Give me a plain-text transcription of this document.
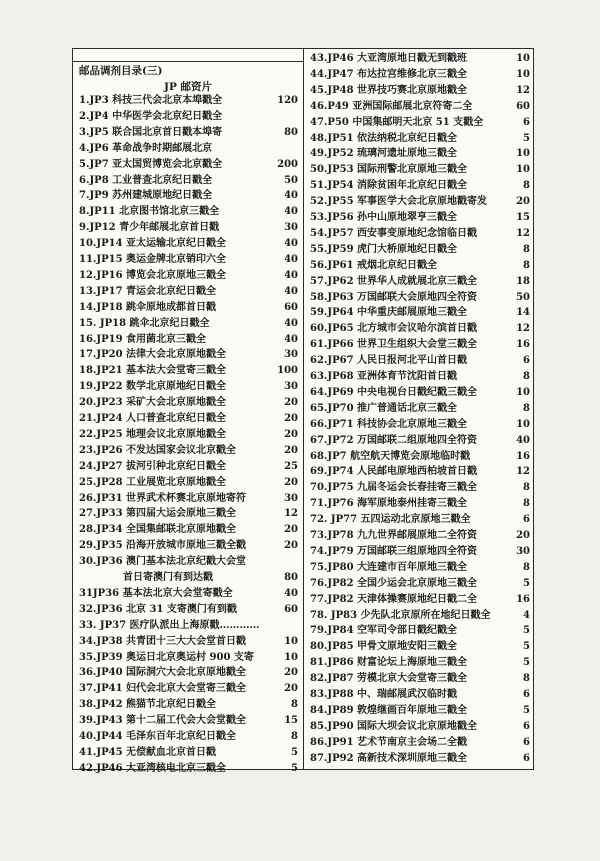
邮品调剂目录(三)
JP 邮资片
1.JP3 科技三代会北京本埠戳全	120
2.JP4 中华医学会北京纪日戳全
3.JP5 联合国北京首日戳本埠寄	80
4.JP6 革命战争时期邮展北京
5.JP7 亚太国贸博览会北京戳全	200
6.JP8 工业普查北京纪日戳全	50
7.JP9 苏州建城原地纪日戳全	40
8.JP11 北京图书馆北京三戳全	40
9.JP12 青少年邮展北京首日戳	30
10.JP14 亚太运输北京纪日戳全	40
11.JP15 奥运金牌北京销印六全	40
12.JP16 博览会北京原地三戳全	40
13.JP17 青运会北京纪日戳全	40
14.JP18 跳伞原地成都首日戳	60
15. JP18 跳伞北京纪日戳全	40
16.JP19 食用菌北京三戳全	40
17.JP20 法律大会北京原地戳全	30
18.JP21 基本法大会堂寄三戳全	100
19.JP22 数学北京原地纪日戳全	30
20.JP23 采矿大会北京原地戳全	20
21.JP24 人口普查北京纪日戳全	20
22.JP25 地理会议北京原地戳全	20
23.JP26 不发达国家会议北京戳全	20
24.JP27 拔河引种北京纪日戳全	25
25.JP28 工业展览北京原地戳全	20
26.JP31 世界武术杯赛北京原地寄符	30
27.JP33 第四届大运会原地三戳全	12
28.JP34 全国集邮联北京原地戳全	20
29.JP35 沿海开放城市原地三戳全戳	20
30.JP36 澳门基本法北京纪戳大会堂
首日寄澳门有到达戳	80
31JP36 基本法北京大会堂寄戳全	40
32.JP36 北京 31 支寄澳门有到戳	60
33. JP37 医疗队派出上海原戳…………
34.JP38 共青团十三大大会堂首日戳	10
35.JP39 奥运日北京奥运村 900 支寄	10
36.JP40 国际洞穴大会北京原地戳全	20
37.JP41 妇代会北京大会堂寄三戳全	20
38.JP42 熊猫节北京纪日戳全	8
39.JP43 第十二届工代会大会堂戳全	15
40.JP44 毛泽东百年北京纪日戳全	8
41.JP45 无偿献血北京首日戳	5
42.JP46 大亚湾核电北京三戳全	5
43.JP46 大亚湾原地日戳无到戳班	10
44.JP47 布达拉宫维修北京三戳全	10
45.JP48 世界技巧赛北京原地戳全	12
46.P49 亚洲国际邮展北京符寄二全	60
47.P50 中国集邮明天北京 51 支戳全	6
48.JP51 依法纳税北京纪日戳全	5
49.JP52 琉璃河遗址原地三戳全	10
50.JP53 国际刑警北京原地三戳全	10
51.JP54 消除贫困年北京纪日戳全	8
52.JP55 军事医学大会北京原地戳寄发	20
53.JP56 孙中山原地翠亨三戳全	15
54.JP57 西安事变原地纪念馆临日戳	12
55.JP59 虎门大桥原地纪日戳全	8
56.JP61 戒烟北京纪日戳全	8
57.JP62 世界华人成就展北京三戳全	18
58.JP63 万国邮联大会原地四全符资	50
59.JP64 中华重庆邮展原地三戳全	14
60.JP65 北方城市会议哈尔滨首日戳	12
61.JP66 世界卫生组织大会堂三戳全	16
62.JP67 人民日报河北平山首日戳	6
63.JP68 亚洲体育节沈阳首日戳	8
64.JP69 中央电视台日戳纪戳三戳全	10
65.JP70 推广普通话北京三戳全	8
66.JP71 科技协会北京原地三戳全	10
67.JP72 万国邮联二组原地四全符资	40
68.JP7 航空航天博览会原地临时戳	16
69.JP74 人民邮电原地西柏坡首日戳	12
70.JP75 九届冬运会长春挂寄三戳全	8
71.JP76 海军原地泰州挂寄三戳全	8
72. JP77 五四运动北京原地三戳全	6
73.JP78 九九世界邮展原地二全符资	20
74.JP79 万国邮联三组原地四全符资	30
75.JP80 大连建市百年原地三戳全	8
76.JP82 全国少运会北京原地三戳全	5
77.JP82 天津体操赛原地纪日戳二全	16
78. JP83 少先队北京原所在地纪日戳全	4
79.JP84 空军司令部日戳纪戳全	5
80.JP85 甲骨文原地安阳三戳全	5
81.JP86 财富论坛上海原地三戳全	5
82.JP87 劳模北京大会堂寄三戳全	8
83.JP88 中、瑞邮展武汉临时戳	6
84.JP89 敦煌继画百年原地三戳全	5
85.JP90 国际大坝会议北京原地戳全	6
86.JP91 艺术节南京主会场二全戳	6
87.JP92 高新技术深圳原地三戳全	6
